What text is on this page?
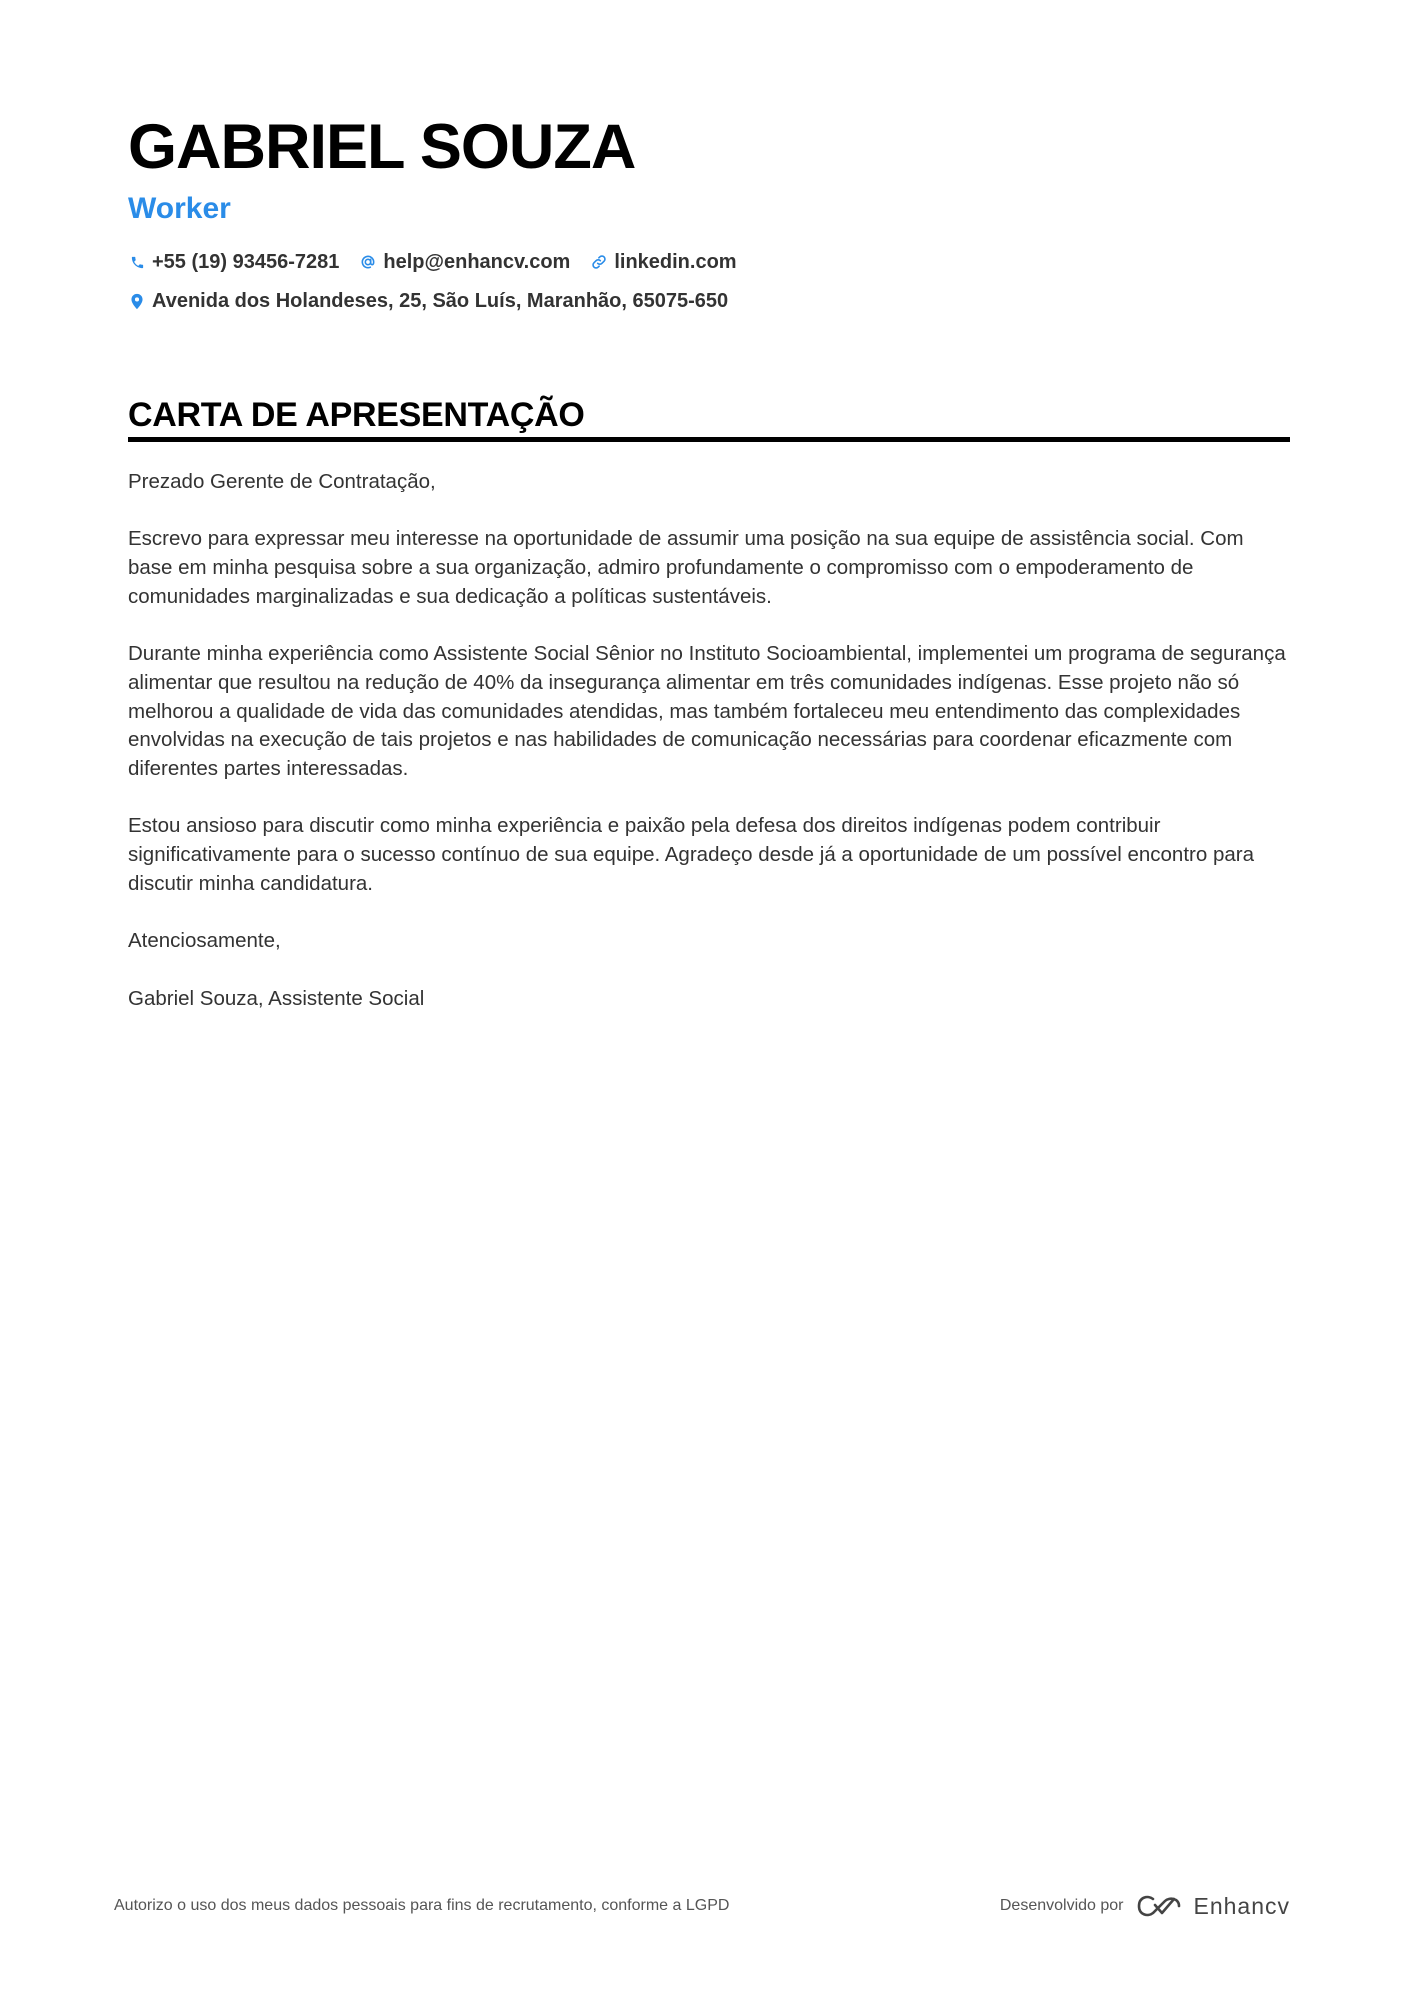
GABRIEL SOUZA
Worker
+55 (19) 93456-7281 help@enhancv.com linkedin.com
Avenida dos Holandeses, 25, São Luís, Maranhão, 65075-650
CARTA DE APRESENTAÇÃO

Prezado Gerente de Contratação,

Escrevo para expressar meu interesse na oportunidade de assumir uma posição na sua equipe de assistência social. Com base em minha pesquisa sobre a sua organização, admiro profundamente o compromisso com o empoderamento de comunidades marginalizadas e sua dedicação a políticas sustentáveis.

Durante minha experiência como Assistente Social Sênior no Instituto Socioambiental, implementei um programa de segurança alimentar que resultou na redução de 40% da insegurança alimentar em três comunidades indígenas. Esse projeto não só melhorou a qualidade de vida das comunidades atendidas, mas também fortaleceu meu entendimento das complexidades envolvidas na execução de tais projetos e nas habilidades de comunicação necessárias para coordenar eficazmente com diferentes partes interessadas.

Estou ansioso para discutir como minha experiência e paixão pela defesa dos direitos indígenas podem contribuir significativamente para o sucesso contínuo de sua equipe. Agradeço desde já a oportunidade de um possível encontro para discutir minha candidatura.

Atenciosamente,

Gabriel Souza, Assistente Social

Autorizo o uso dos meus dados pessoais para fins de recrutamento, conforme a LGPD	Desenvolvido por	Enhancv
